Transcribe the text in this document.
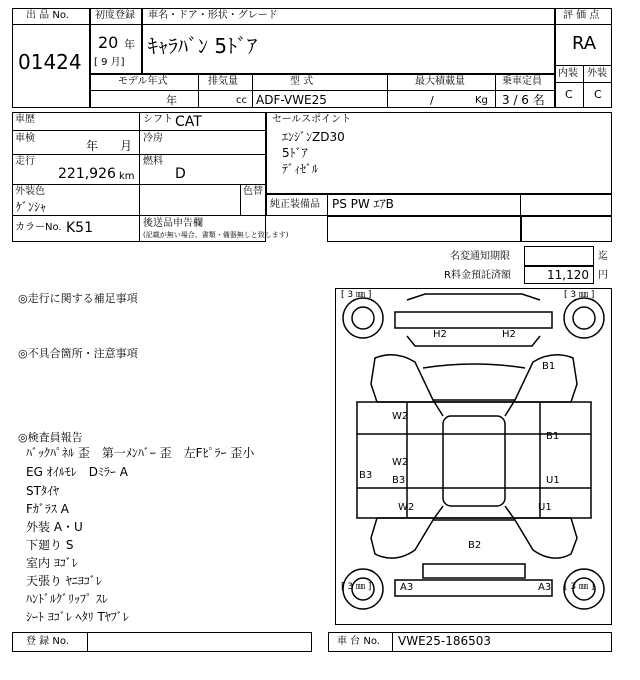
出 品 No.
01424
初度登録
20 年
[ 9 月]
車名・ドア・形状・グレード
ｷｬﾗﾊﾞﾝ 5ﾄﾞｱ
評 価 点
RA
内装 外装
C C
モデル年式
年
排気量
cc
型 式
ADF-VWE25
最大積載量
/	Kg
乗車定員
3 / 6 名
車歴	シフト CAT
車検
年 月
冷房
走行
221,926 km
燃料
D
外装色
ｹﾞﾝｼｬ
色替
カラーNo. K51	後送品申告欄
(記載が無い場合、書類・備器無しと致します)
セールスポイント
ｴﾝｼﾞﾝZD30
5ﾄﾞｱ
ﾃﾞｨｾﾞﾙ
純正装備品 PS PW ｴｱB
名変通知期限	迄
R料金預託済額	11,120 円
◎走行に関する補足事項
◎不具合箇所・注意事項
◎検査員報告
ﾊﾞｯｸﾊﾟﾈﾙ 歪　第一ﾒﾝﾊﾞｰ 歪　左Fﾋﾟﾗｰ 歪小
EG ｵｲﾙﾓﾚ　Dﾐﾗｰ A
STﾀｲﾔ
Fｶﾞﾗｽ A
外装 A・U
下廻り S
室内 ﾖｺﾞﾚ
天張り ﾔﾆﾖｺﾞﾚ
ﾊﾝﾄﾞﾙｸﾞﾘｯﾌﾟ ｽﾚ
ｼｰﾄ ﾖｺﾞﾚ ﾍﾀﾘ Tﾔﾌﾞﾚ
[ 3 ㎜ ]	[ 3 ㎜ ]
[ 3 ㎜ ]	[ 3 ㎜ ]
H2	H2
B1
W2
B1
W2
B3 B3	U1
W2	U1
B2
A3	A3
登 録 No.	車 台 No. VWE25-186503
